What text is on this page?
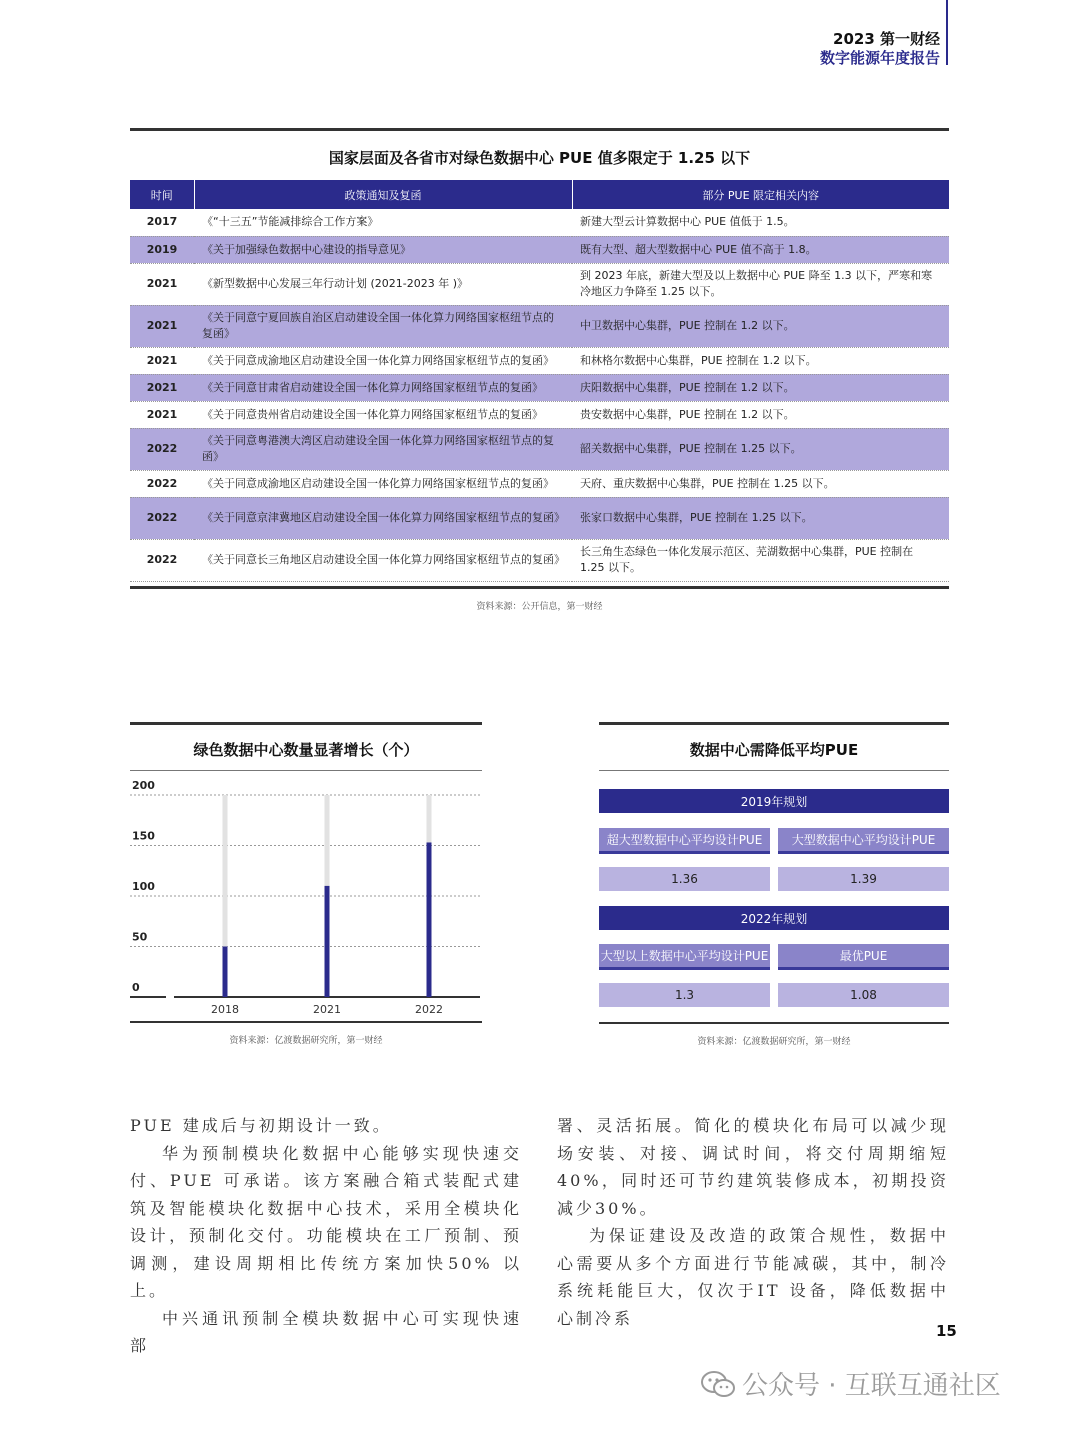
2023 第一财经
数字能源年度报告
国家层面及各省市对绿色数据中心 PUE 值多限定于 1.25 以下
时间	政策通知及复函	部分 PUE 限定相关内容
2017	《“十三五”节能减排综合工作方案》	新建大型云计算数据中心 PUE 值低于 1.5。
2019	《关于加强绿色数据中心建设的指导意见》	既有大型、超大型数据中心 PUE 值不高于 1.8。
2021	《新型数据中心发展三年行动计划 (2021-2023 年 )》	到 2023 年底，新建大型及以上数据中心 PUE 降至 1.3 以下，严寒和寒冷地区力争降至 1.25 以下。
2021	《关于同意宁夏回族自治区启动建设全国一体化算力网络国家枢纽节点的复函》	中卫数据中心集群，PUE 控制在 1.2 以下。
2021	《关于同意成渝地区启动建设全国一体化算力网络国家枢纽节点的复函》	和林格尔数据中心集群，PUE 控制在 1.2 以下。
2021	《关于同意甘肃省启动建设全国一体化算力网络国家枢纽节点的复函》	庆阳数据中心集群，PUE 控制在 1.2 以下。
2021	《关于同意贵州省启动建设全国一体化算力网络国家枢纽节点的复函》	贵安数据中心集群，PUE 控制在 1.2 以下。
2022	《关于同意粤港澳大湾区启动建设全国一体化算力网络国家枢纽节点的复函》	韶关数据中心集群，PUE 控制在 1.25 以下。
2022	《关于同意成渝地区启动建设全国一体化算力网络国家枢纽节点的复函》	天府、重庆数据中心集群，PUE 控制在 1.25 以下。
2022	《关于同意京津冀地区启动建设全国一体化算力网络国家枢纽节点的复函》	张家口数据中心集群，PUE 控制在 1.25 以下。
2022	《关于同意长三角地区启动建设全国一体化算力网络国家枢纽节点的复函》	长三角生态绿色一体化发展示范区、芜湖数据中心集群，PUE 控制在 1.25 以下。
资料来源：公开信息，第一财经
绿色数据中心数量显著增长（个）
0
50
100
150
200
2018	2021	2022
资料来源：亿渡数据研究所，第一财经
数据中心需降低平均PUE
2019年规划
超大型数据中心平均设计PUE	大型数据中心平均设计PUE
1.36	1.39
2022年规划
大型以上数据中心平均设计PUE	最优PUE
1.3	1.08
资料来源：亿渡数据研究所，第一财经

PUE 建成后与初期设计一致。

华为预制模块化数据中心能够实现快速交付、PUE 可承诺。该方案融合箱式装配式建筑及智能模块化数据中心技术，采用全模块化设计，预制化交付。功能模块在工厂预制、预调测，建设周期相比传统方案加快50% 以上。

中兴通讯预制全模块数据中心可实现快速部

署、灵活拓展。简化的模块化布局可以减少现场安装、对接、调试时间，将交付周期缩短40%，同时还可节约建筑装修成本，初期投资减少30%。

为保证建设及改造的政策合规性，数据中心需要从多个方面进行节能减碳，其中，制冷系统耗能巨大，仅次于IT 设备，降低数据中心制冷系

15
公众号 · 互联互通社区
